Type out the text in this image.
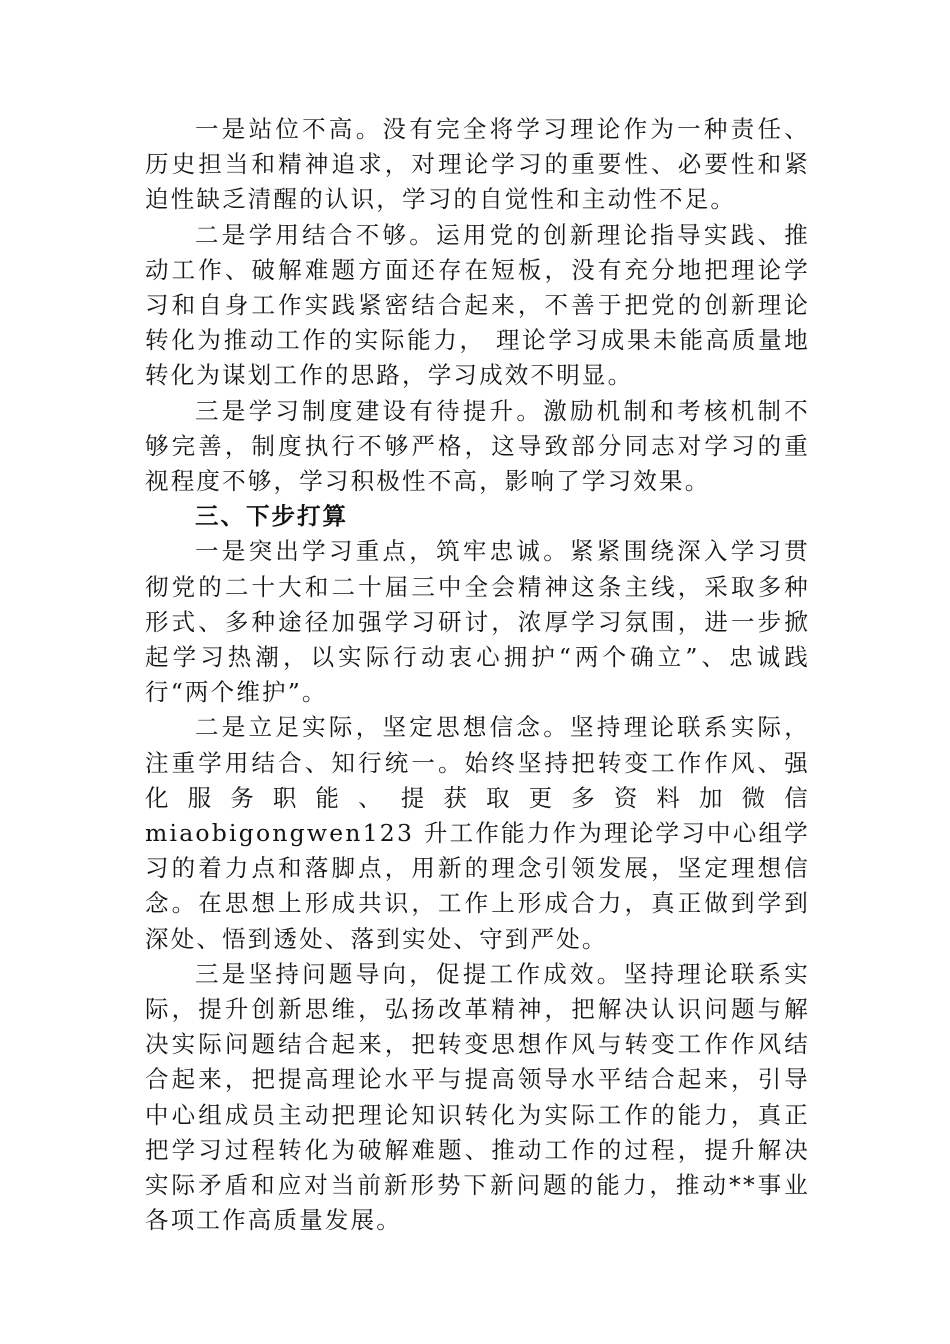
一是站位不高。没有完全将学习理论作为一种责任、历史担当和精神追求，对理论学习的重要性、必要性和紧迫性缺乏清醒的认识，学习的自觉性和主动性不足。

二是学用结合不够。运用党的创新理论指导实践、推动工作、破解难题方面还存在短板，没有充分地把理论学习和自身工作实践紧密结合起来，不善于把党的创新理论转化为推动工作的实际能力， 理论学习成果未能高质量地转化为谋划工作的思路，学习成效不明显。

三是学习制度建设有待提升。激励机制和考核机制不够完善，制度执行不够严格，这导致部分同志对学习的重视程度不够，学习积极性不高，影响了学习效果。

三、下步打算

一是突出学习重点，筑牢忠诚。紧紧围绕深入学习贯彻党的二十大和二十届三中全会精神这条主线，采取多种形式、多种途径加强学习研讨，浓厚学习氛围，进一步掀起学习热潮，以实际行动衷心拥护“两个确立”、忠诚践行“两个维护”。

二是立足实际，坚定思想信念。坚持理论联系实际，注重学用结合、知行统一。始终坚持把转变工作作风、强化服务职能、提获取更多资料加微信 miaobigongwen123 升工作能力作为理论学习中心组学习的着力点和落脚点，用新的理念引领发展，坚定理想信念。在思想上形成共识，工作上形成合力，真正做到学到深处、悟到透处、落到实处、守到严处。

三是坚持问题导向，促提工作成效。坚持理论联系实际，提升创新思维，弘扬改革精神，把解决认识问题与解决实际问题结合起来，把转变思想作风与转变工作作风结合起来，把提高理论水平与提高领导水平结合起来，引导中心组成员主动把理论知识转化为实际工作的能力，真正把学习过程转化为破解难题、推动工作的过程，提升解决实际矛盾和应对当前新形势下新问题的能力，推动**事业各项工作高质量发展。
